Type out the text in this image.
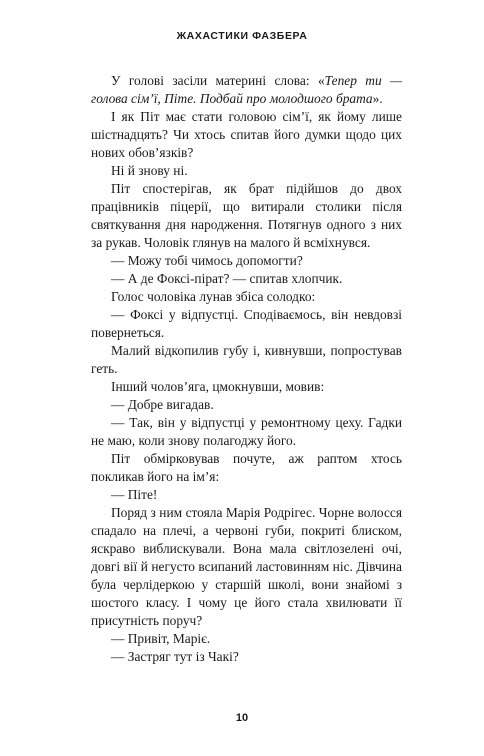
ЖАХАСТИКИ ФАЗБЕРА

У голові засіли материні слова: «Тепер ти — голова сім’ї, Пітe. Подбай про молодшого брата».

І як Піт має стати головою сім’ї, як йому лише шістнадцять? Чи хтось спитав його думки щодо цих нових обов’язків?

Ні й знову ні.

Піт спостерігав, як брат підійшов до двох працівників піцерії, що витирали столики після святкування дня народження. Потягнув одного з них за рукав. Чоловік глянув на малого й всміхнувся.

— Можу тобі чимось допомогти?

— А де Фоксі-пірат? — спитав хлопчик.

Голос чоловіка лунав збіса солодко:

— Фоксі у відпустці. Сподіваємось, він невдовзі повернеться.

Малий відкопилив губу і, кивнувши, попростував геть.

Інший чолов’яга, цмокнувши, мовив:

— Добре вигадав.

— Так, він у відпустці у ремонтному цеху. Гадки не маю, коли знову полагоджу його.

Піт обмірковував почуте, аж раптом хтось покликав його на ім’я:

— Піте!

Поряд з ним стояла Марія Родрігес. Чорне волосся спадало на плечі, а червоні губи, покриті блиском, яскраво виблискували. Вона мала світлозелені очі, довгі вії й негусто всипаний ластовинням ніс. Дівчина була черлідеркою у старшій школі, вони знайомі з шостого класу. І чому це його стала хвилювати її присутність поруч?

— Привіт, Маріє.

— Застряг тут із Чакі?

10
